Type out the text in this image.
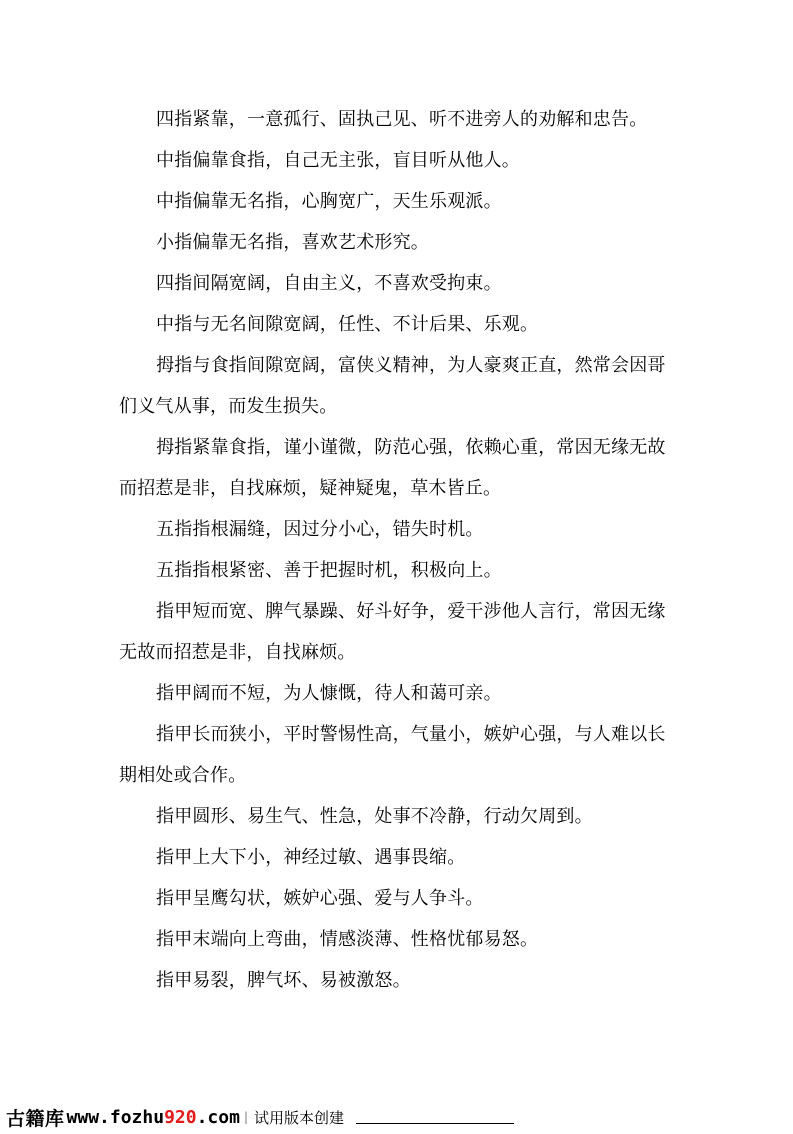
四指紧靠，一意孤行、固执己见、听不进旁人的劝解和忠告。

中指偏靠食指，自己无主张，盲目听从他人。

中指偏靠无名指，心胸宽广，天生乐观派。

小指偏靠无名指，喜欢艺术形究。

四指间隔宽阔，自由主义，不喜欢受拘束。

中指与无名间隙宽阔，任性、不计后果、乐观。

拇指与食指间隙宽阔，富侠义精神，为人豪爽正直，然常会因哥们义气从事，而发生损失。

拇指紧靠食指，谨小谨微，防范心强，依赖心重，常因无缘无故而招惹是非，自找麻烦，疑神疑鬼，草木皆丘。

五指指根漏缝，因过分小心，错失时机。

五指指根紧密、善于把握时机，积极向上。

指甲短而宽、脾气暴躁、好斗好争，爱干涉他人言行，常因无缘无故而招惹是非，自找麻烦。

指甲阔而不短，为人慷慨，待人和蔼可亲。

指甲长而狭小，平时警惕性高，气量小，嫉妒心强，与人难以长期相处或合作。

指甲圆形、易生气、性急，处事不冷静，行动欠周到。

指甲上大下小，神经过敏、遇事畏缩。

指甲呈鹰勾状，嫉妒心强、爱与人争斗。

指甲末端向上弯曲，情感淡薄、性格忧郁易怒。

指甲易裂，脾气坏、易被激怒。

古籍库 www.fozhu920.com | 试用版本创建
